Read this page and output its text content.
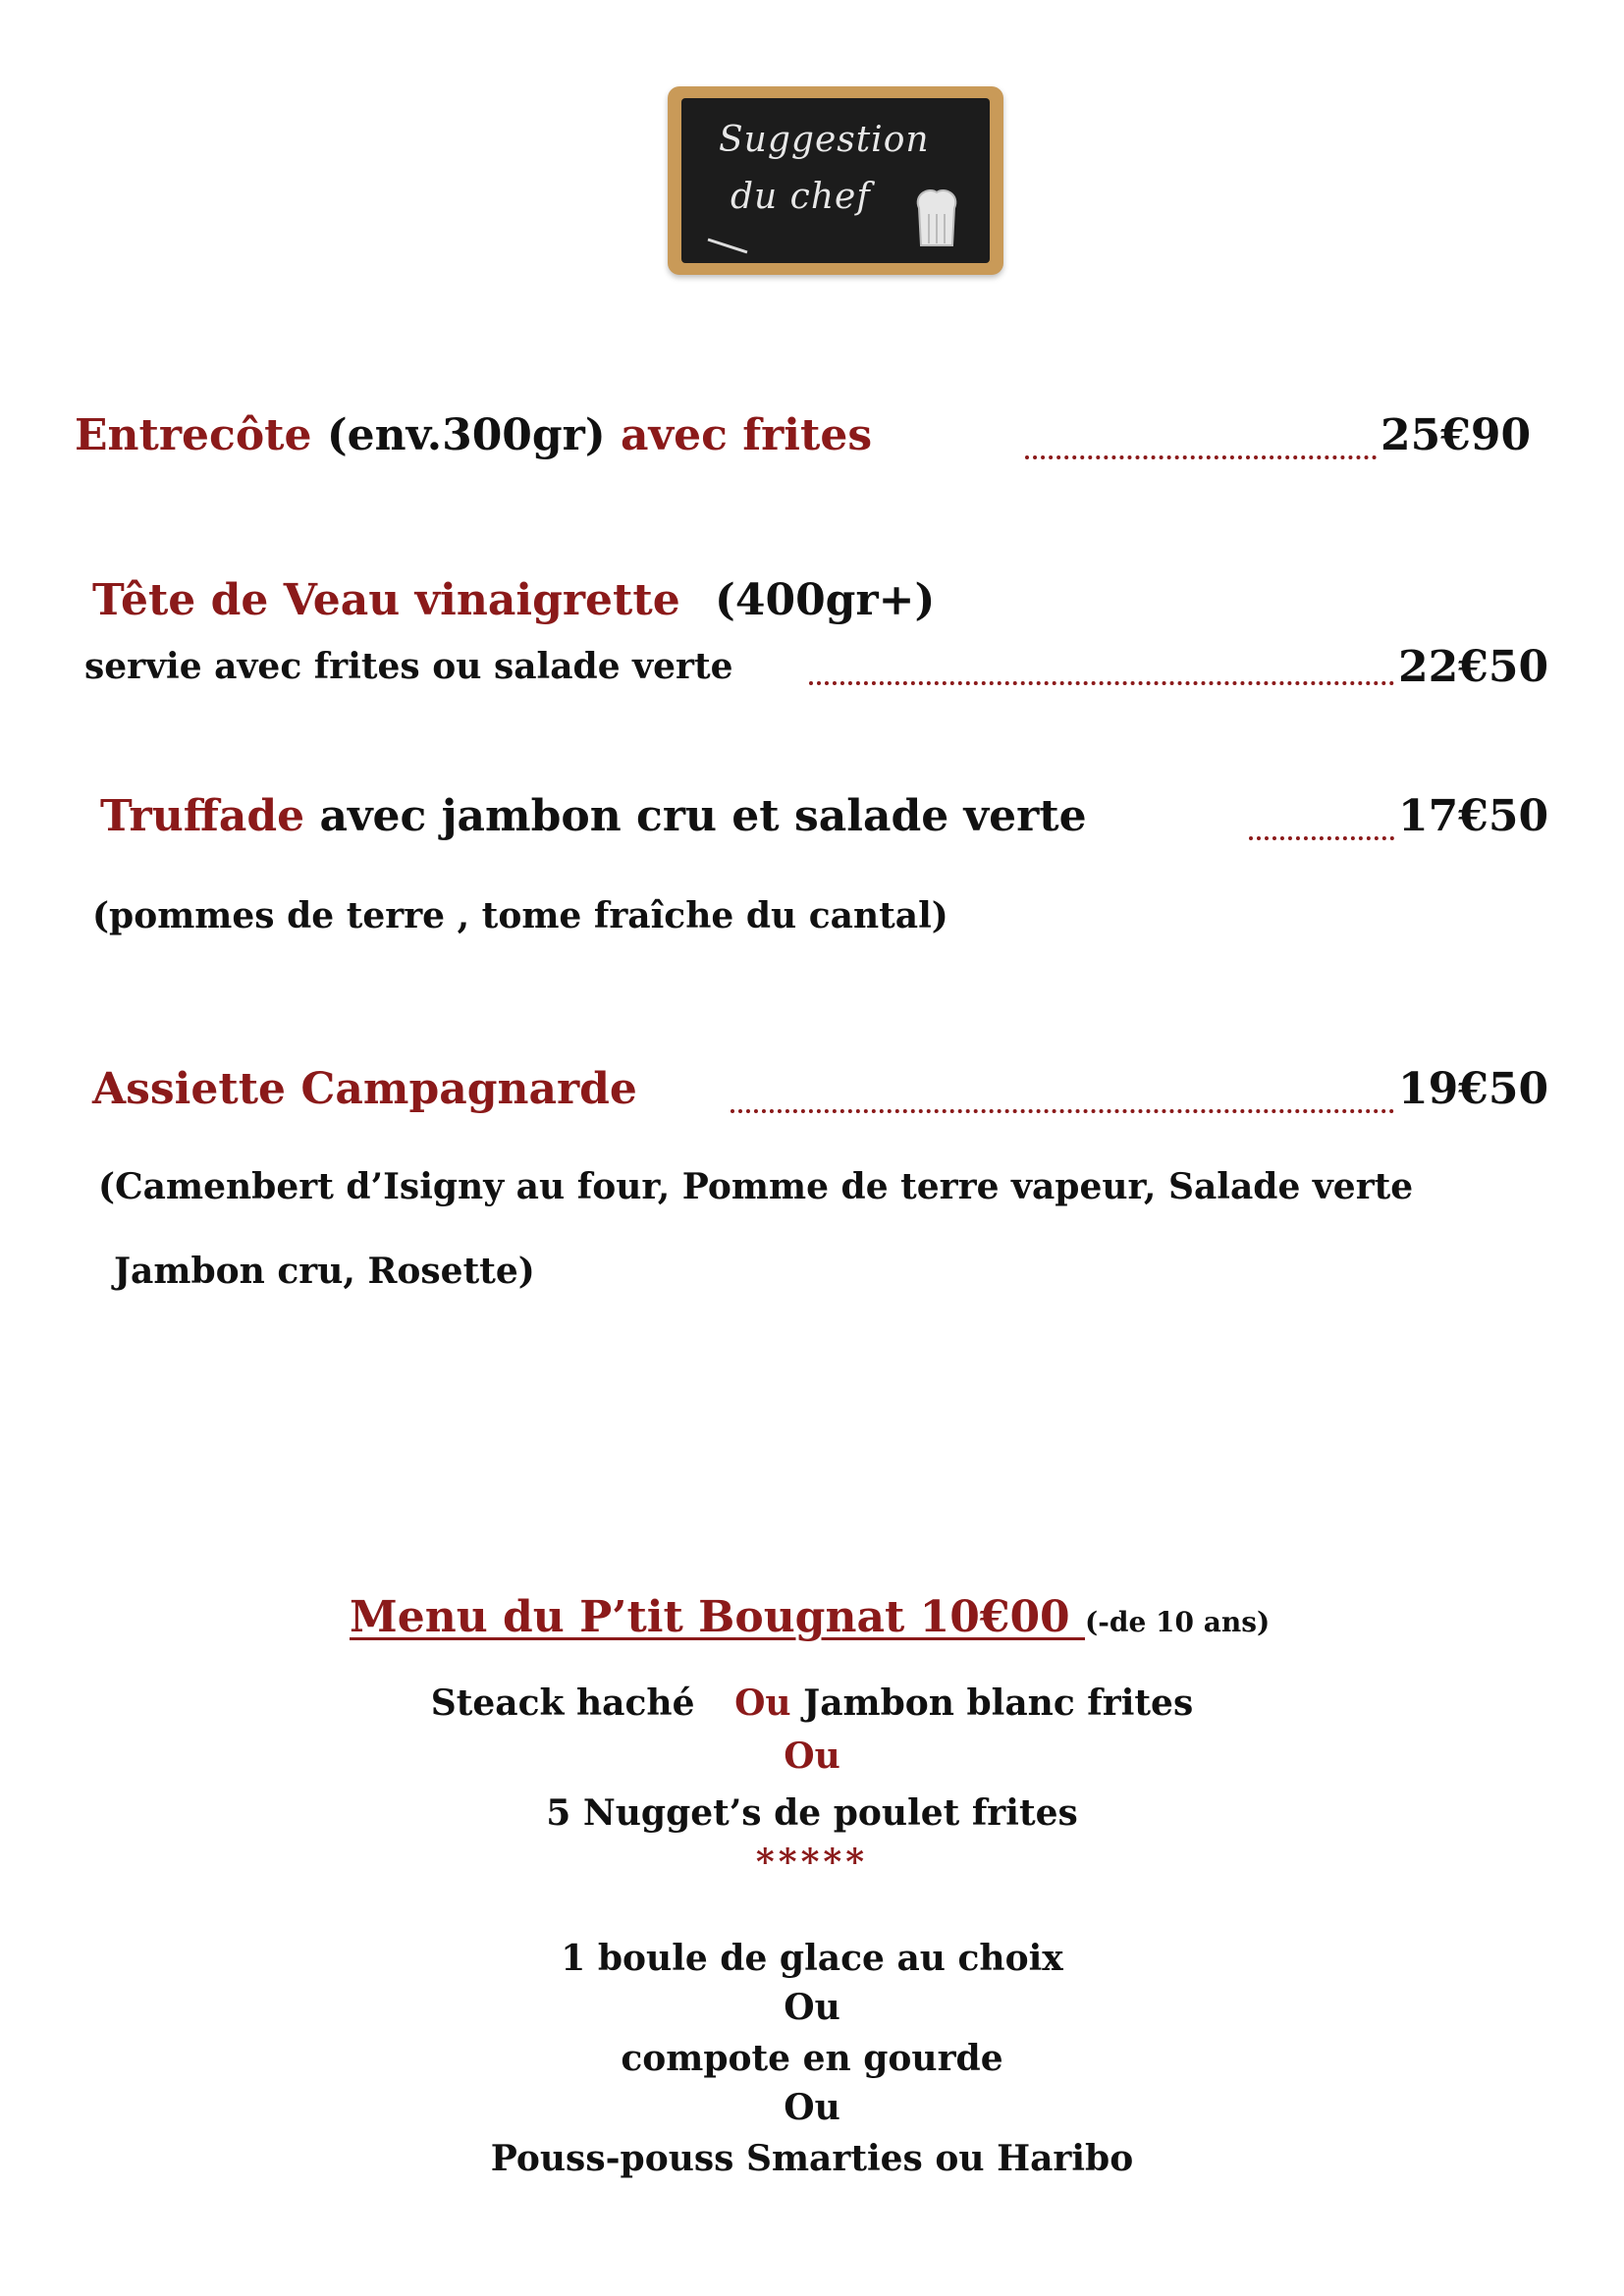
Suggestion
du chef
Entrecôte (env.300gr) avec frites	25€90
Tête de Veau vinaigrette (400gr+)
servie avec frites ou salade verte	22€50
Truffade avec jambon cru et salade verte	17€50
(pommes de terre , tome fraîche du cantal)
Assiette Campagnarde	19€50
(Camenbert d’Isigny au four, Pomme de terre vapeur, Salade verte
Jambon cru, Rosette)
Menu du P’tit Bougnat 10€00 (-de 10 ans)
Steack haché Ou Jambon blanc frites
Ou
5 Nugget’s de poulet frites
*****
1 boule de glace au choix
Ou
compote en gourde
Ou
Pouss-pouss Smarties ou Haribo
